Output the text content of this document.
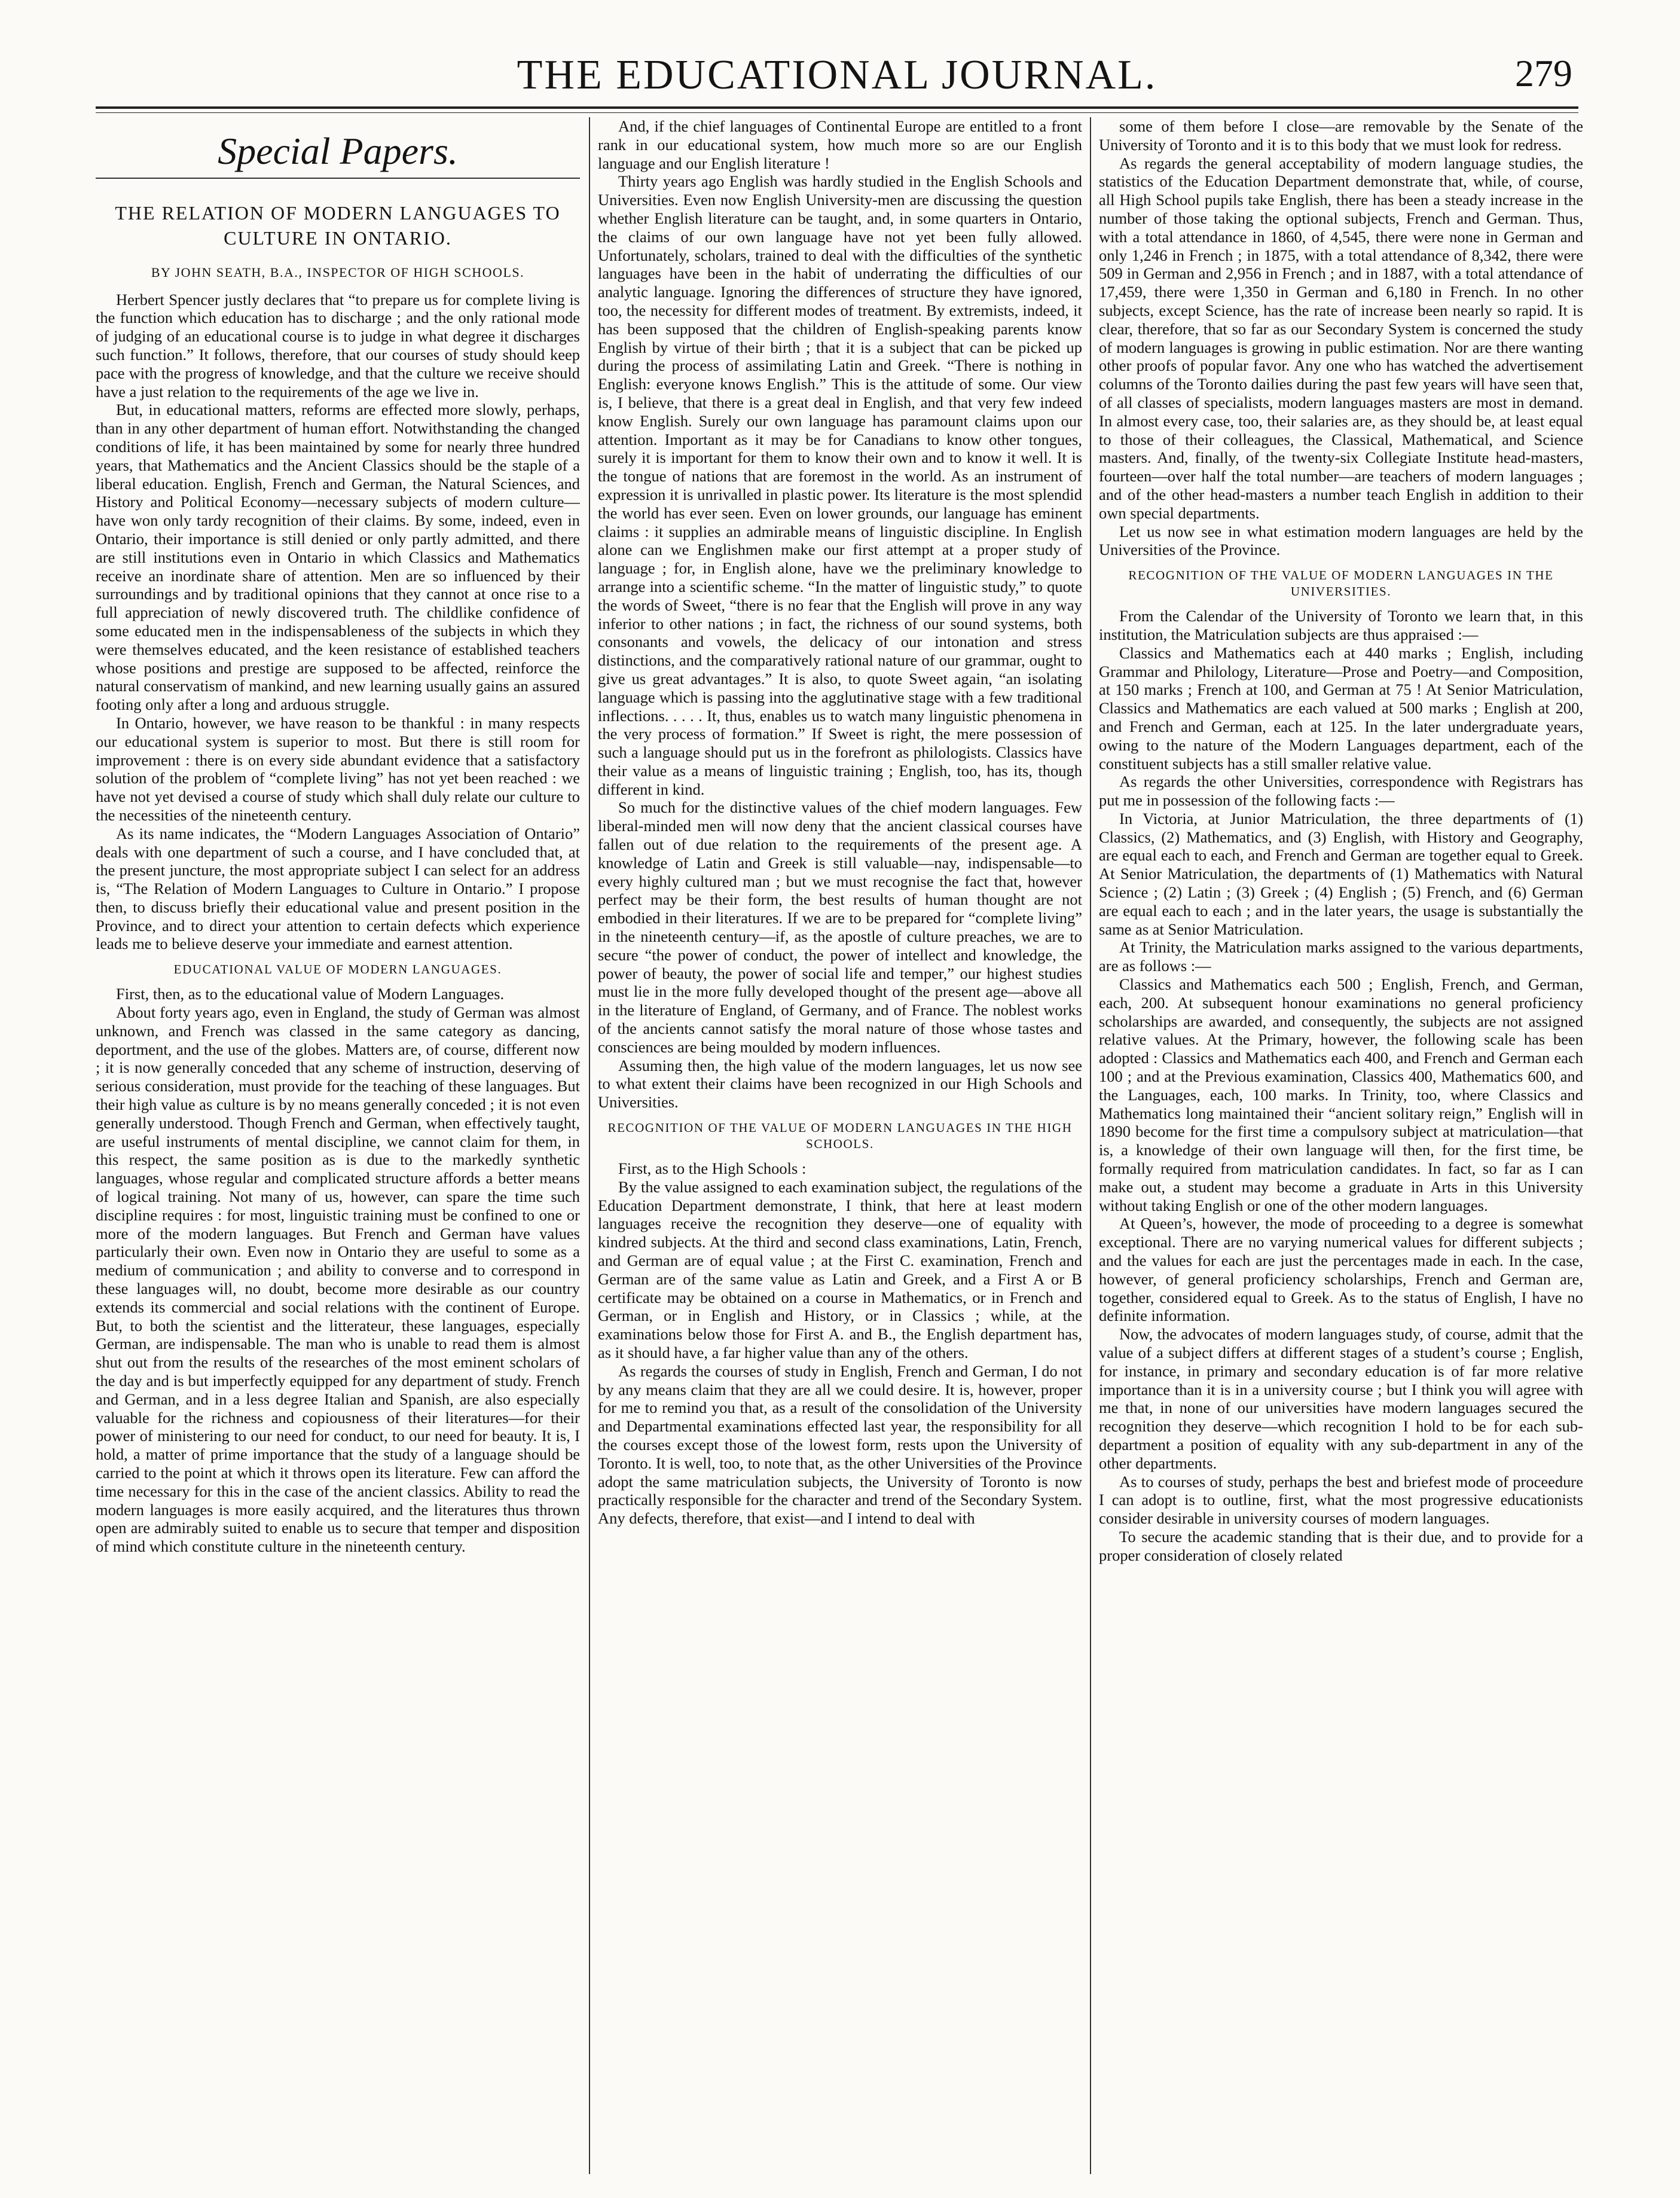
THE EDUCATIONAL JOURNAL.	279
Special Papers.
THE RELATION OF MODERN LANGUAGES TO CULTURE IN ONTARIO.
BY JOHN SEATH, B.A., INSPECTOR OF HIGH SCHOOLS.

Herbert Spencer justly declares that “to prepare us for complete living is the function which education has to discharge ; and the only rational mode of judging of an educational course is to judge in what degree it discharges such function.” It follows, therefore, that our courses of study should keep pace with the progress of knowledge, and that the culture we receive should have a just relation to the requirements of the age we live in.

But, in educational matters, reforms are effected more slowly, perhaps, than in any other department of human effort. Notwithstanding the changed conditions of life, it has been maintained by some for nearly three hundred years, that Mathematics and the Ancient Classics should be the staple of a liberal education. English, French and German, the Natural Sciences, and History and Political Economy—necessary subjects of modern culture—have won only tardy recognition of their claims. By some, indeed, even in Ontario, their importance is still denied or only partly admitted, and there are still institutions even in Ontario in which Classics and Mathematics receive an inordinate share of attention. Men are so influenced by their surroundings and by traditional opinions that they cannot at once rise to a full appreciation of newly discovered truth. The childlike confidence of some educated men in the indispensableness of the subjects in which they were themselves educated, and the keen resistance of established teachers whose positions and prestige are supposed to be affected, reinforce the natural conservatism of mankind, and new learning usually gains an assured footing only after a long and arduous struggle.

In Ontario, however, we have reason to be thankful : in many respects our educational system is superior to most. But there is still room for improvement : there is on every side abundant evidence that a satisfactory solution of the problem of “complete living” has not yet been reached : we have not yet devised a course of study which shall duly relate our culture to the necessities of the nineteenth century.

As its name indicates, the “Modern Languages Association of Ontario” deals with one department of such a course, and I have concluded that, at the present juncture, the most appropriate subject I can select for an address is, “The Relation of Modern Languages to Culture in Ontario.” I propose then, to discuss briefly their educational value and present position in the Province, and to direct your attention to certain defects which experience leads me to believe deserve your immediate and earnest attention.

EDUCATIONAL VALUE OF MODERN LANGUAGES.

First, then, as to the educational value of Modern Languages.

About forty years ago, even in England, the study of German was almost unknown, and French was classed in the same category as dancing, deportment, and the use of the globes. Matters are, of course, different now ; it is now generally conceded that any scheme of instruction, deserving of serious consideration, must provide for the teaching of these languages. But their high value as culture is by no means generally conceded ; it is not even generally understood. Though French and German, when effectively taught, are useful instruments of mental discipline, we cannot claim for them, in this respect, the same position as is due to the markedly synthetic languages, whose regular and complicated structure affords a better means of logical training. Not many of us, however, can spare the time such discipline requires : for most, linguistic training must be confined to one or more of the modern languages. But French and German have values particularly their own. Even now in Ontario they are useful to some as a medium of communication ; and ability to converse and to correspond in these languages will, no doubt, become more desirable as our country extends its commercial and social relations with the continent of Europe. But, to both the scientist and the litterateur, these languages, especially German, are indispensable. The man who is unable to read them is almost shut out from the results of the researches of the most eminent scholars of the day and is but imperfectly equipped for any department of study. French and German, and in a less degree Italian and Spanish, are also especially valuable for the richness and copiousness of their literatures—for their power of ministering to our need for conduct, to our need for beauty. It is, I hold, a matter of prime importance that the study of a language should be carried to the point at which it throws open its literature. Few can afford the time necessary for this in the case of the ancient classics. Ability to read the modern languages is more easily acquired, and the literatures thus thrown open are admirably suited to enable us to secure that temper and disposition of mind which constitute culture in the nineteenth century.

And, if the chief languages of Continental Europe are entitled to a front rank in our educational system, how much more so are our English language and our English literature !

Thirty years ago English was hardly studied in the English Schools and Universities. Even now English University-men are discussing the question whether English literature can be taught, and, in some quarters in Ontario, the claims of our own language have not yet been fully allowed. Unfortunately, scholars, trained to deal with the difficulties of the synthetic languages have been in the habit of underrating the difficulties of our analytic language. Ignoring the differences of structure they have ignored, too, the necessity for different modes of treatment. By extremists, indeed, it has been supposed that the children of English-speaking parents know English by virtue of their birth ; that it is a subject that can be picked up during the process of assimilating Latin and Greek. “There is nothing in English: everyone knows English.” This is the attitude of some. Our view is, I believe, that there is a great deal in English, and that very few indeed know English. Surely our own language has paramount claims upon our attention. Important as it may be for Canadians to know other tongues, surely it is important for them to know their own and to know it well. It is the tongue of nations that are foremost in the world. As an instrument of expression it is unrivalled in plastic power. Its literature is the most splendid the world has ever seen. Even on lower grounds, our language has eminent claims : it supplies an admirable means of linguistic discipline. In English alone can we Englishmen make our first attempt at a proper study of language ; for, in English alone, have we the preliminary knowledge to arrange into a scientific scheme. “In the matter of linguistic study,” to quote the words of Sweet, “there is no fear that the English will prove in any way inferior to other nations ; in fact, the richness of our sound systems, both consonants and vowels, the delicacy of our intonation and stress distinctions, and the comparatively rational nature of our grammar, ought to give us great advantages.” It is also, to quote Sweet again, “an isolating language which is passing into the agglutinative stage with a few traditional inflections. . . . . It, thus, enables us to watch many linguistic phenomena in the very process of formation.” If Sweet is right, the mere possession of such a language should put us in the forefront as philologists. Classics have their value as a means of linguistic training ; English, too, has its, though different in kind.

So much for the distinctive values of the chief modern languages. Few liberal-minded men will now deny that the ancient classical courses have fallen out of due relation to the requirements of the present age. A knowledge of Latin and Greek is still valuable—nay, indispensable—to every highly cultured man ; but we must recognise the fact that, however perfect may be their form, the best results of human thought are not embodied in their literatures. If we are to be prepared for “complete living” in the nineteenth century—if, as the apostle of culture preaches, we are to secure “the power of conduct, the power of intellect and knowledge, the power of beauty, the power of social life and temper,” our highest studies must lie in the more fully developed thought of the present age—above all in the literature of England, of Germany, and of France. The noblest works of the ancients cannot satisfy the moral nature of those whose tastes and consciences are being moulded by modern influences.

Assuming then, the high value of the modern languages, let us now see to what extent their claims have been recognized in our High Schools and Universities.

RECOGNITION OF THE VALUE OF MODERN LANGUAGES IN THE HIGH SCHOOLS.

First, as to the High Schools :

By the value assigned to each examination subject, the regulations of the Education Department demonstrate, I think, that here at least modern languages receive the recognition they deserve—one of equality with kindred subjects. At the third and second class examinations, Latin, French, and German are of equal value ; at the First C. examination, French and German are of the same value as Latin and Greek, and a First A or B certificate may be obtained on a course in Mathematics, or in French and German, or in English and History, or in Classics ; while, at the examinations below those for First A. and B., the English department has, as it should have, a far higher value than any of the others.

As regards the courses of study in English, French and German, I do not by any means claim that they are all we could desire. It is, however, proper for me to remind you that, as a result of the consolidation of the University and Departmental examinations effected last year, the responsibility for all the courses except those of the lowest form, rests upon the University of Toronto. It is well, too, to note that, as the other Universities of the Province adopt the same matriculation subjects, the University of Toronto is now practically responsible for the character and trend of the Secondary System. Any defects, therefore, that exist—and I intend to deal with

some of them before I close—are removable by the Senate of the University of Toronto and it is to this body that we must look for redress.

As regards the general acceptability of modern language studies, the statistics of the Education Department demonstrate that, while, of course, all High School pupils take English, there has been a steady increase in the number of those taking the optional subjects, French and German. Thus, with a total attendance in 1860, of 4,545, there were none in German and only 1,246 in French ; in 1875, with a total attendance of 8,342, there were 509 in German and 2,956 in French ; and in 1887, with a total attendance of 17,459, there were 1,350 in German and 6,180 in French. In no other subjects, except Science, has the rate of increase been nearly so rapid. It is clear, therefore, that so far as our Secondary System is concerned the study of modern languages is growing in public estimation. Nor are there wanting other proofs of popular favor. Any one who has watched the advertisement columns of the Toronto dailies during the past few years will have seen that, of all classes of specialists, modern languages masters are most in demand. In almost every case, too, their salaries are, as they should be, at least equal to those of their colleagues, the Classical, Mathematical, and Science masters. And, finally, of the twenty-six Collegiate Institute head-masters, fourteen—over half the total number—are teachers of modern languages ; and of the other head-masters a number teach English in addition to their own special departments.

Let us now see in what estimation modern languages are held by the Universities of the Province.

RECOGNITION OF THE VALUE OF MODERN LANGUAGES IN THE UNIVERSITIES.

From the Calendar of the University of Toronto we learn that, in this institution, the Matriculation subjects are thus appraised :—

Classics and Mathematics each at 440 marks ; English, including Grammar and Philology, Literature—Prose and Poetry—and Composition, at 150 marks ; French at 100, and German at 75 ! At Senior Matriculation, Classics and Mathematics are each valued at 500 marks ; English at 200, and French and German, each at 125. In the later undergraduate years, owing to the nature of the Modern Languages department, each of the constituent subjects has a still smaller relative value.

As regards the other Universities, correspondence with Registrars has put me in possession of the following facts :—

In Victoria, at Junior Matriculation, the three departments of (1) Classics, (2) Mathematics, and (3) English, with History and Geography, are equal each to each, and French and German are together equal to Greek. At Senior Matriculation, the departments of (1) Mathematics with Natural Science ; (2) Latin ; (3) Greek ; (4) English ; (5) French, and (6) German are equal each to each ; and in the later years, the usage is substantially the same as at Senior Matriculation.

At Trinity, the Matriculation marks assigned to the various departments, are as follows :—

Classics and Mathematics each 500 ; English, French, and German, each, 200. At subsequent honour examinations no general proficiency scholarships are awarded, and consequently, the subjects are not assigned relative values. At the Primary, however, the following scale has been adopted : Classics and Mathematics each 400, and French and German each 100 ; and at the Previous examination, Classics 400, Mathematics 600, and the Languages, each, 100 marks. In Trinity, too, where Classics and Mathematics long maintained their “ancient solitary reign,” English will in 1890 become for the first time a compulsory subject at matriculation—that is, a knowledge of their own language will then, for the first time, be formally required from matriculation candidates. In fact, so far as I can make out, a student may become a graduate in Arts in this University without taking English or one of the other modern languages.

At Queen’s, however, the mode of proceeding to a degree is somewhat exceptional. There are no varying numerical values for different subjects ; and the values for each are just the percentages made in each. In the case, however, of general proficiency scholarships, French and German are, together, considered equal to Greek. As to the status of English, I have no definite information.

Now, the advocates of modern languages study, of course, admit that the value of a subject differs at different stages of a student’s course ; English, for instance, in primary and secondary education is of far more relative importance than it is in a university course ; but I think you will agree with me that, in none of our universities have modern languages secured the recognition they deserve—which recognition I hold to be for each sub-department a position of equality with any sub-department in any of the other departments.

As to courses of study, perhaps the best and briefest mode of proceedure I can adopt is to outline, first, what the most progressive educationists consider desirable in university courses of modern languages.

To secure the academic standing that is their due, and to provide for a proper consideration of closely related
